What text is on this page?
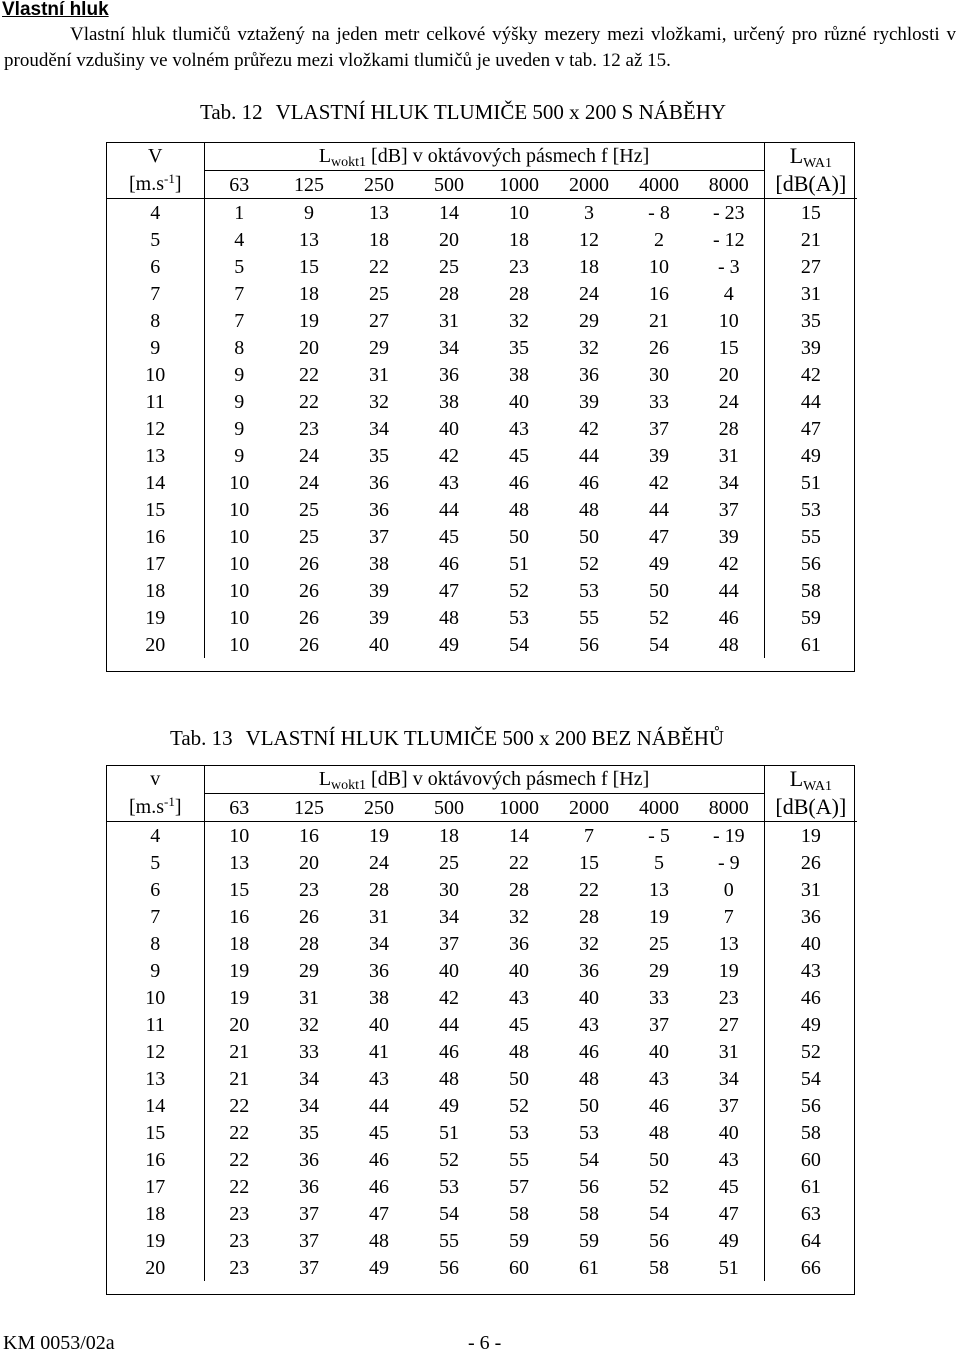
Vlastní hluk
Vlastní hluk tlumičů vztažený na jeden metr celkové výšky mezery mezi vložkami, určený pro různé rychlosti v proudění vzdušiny ve volném průřezu mezi vložkami tlumičů je uveden v tab. 12 až 15.
Tab. 12 VLASTNÍ HLUK TLUMIČE 500 x 200 S NÁBĚHY
V	$L_{wokt1}$ [dB] v oktávových pásmech f [Hz]								$L_{WA1}$
$[m.s^{-1}]$	63	125	250	500	1000	2000	4000	8000	[dB(A)]
4	1	9	13	14	10	3	- 8	- 23	15
5	4	13	18	20	18	12	2	- 12	21
6	5	15	22	25	23	18	10	- 3	27
7	7	18	25	28	28	24	16	4	31
8	7	19	27	31	32	29	21	10	35
9	8	20	29	34	35	32	26	15	39
10	9	22	31	36	38	36	30	20	42
11	9	22	32	38	40	39	33	24	44
12	9	23	34	40	43	42	37	28	47
13	9	24	35	42	45	44	39	31	49
14	10	24	36	43	46	46	42	34	51
15	10	25	36	44	48	48	44	37	53
16	10	25	37	45	50	50	47	39	55
17	10	26	38	46	51	52	49	42	56
18	10	26	39	47	52	53	50	44	58
19	10	26	39	48	53	55	52	46	59
20	10	26	40	49	54	56	54	48	61
Tab. 13 VLASTNÍ HLUK TLUMIČE 500 x 200 BEZ NÁBĚHŮ
v	$L_{wokt1}$ [dB] v oktávových pásmech f [Hz]								$L_{WA1}$
$[m.s^{-1}]$	63	125	250	500	1000	2000	4000	8000	[dB(A)]
4	10	16	19	18	14	7	- 5	- 19	19
5	13	20	24	25	22	15	5	- 9	26
6	15	23	28	30	28	22	13	0	31
7	16	26	31	34	32	28	19	7	36
8	18	28	34	37	36	32	25	13	40
9	19	29	36	40	40	36	29	19	43
10	19	31	38	42	43	40	33	23	46
11	20	32	40	44	45	43	37	27	49
12	21	33	41	46	48	46	40	31	52
13	21	34	43	48	50	48	43	34	54
14	22	34	44	49	52	50	46	37	56
15	22	35	45	51	53	53	48	40	58
16	22	36	46	52	55	54	50	43	60
17	22	36	46	53	57	56	52	45	61
18	23	37	47	54	58	58	54	47	63
19	23	37	48	55	59	59	56	49	64
20	23	37	49	56	60	61	58	51	66
KM 0053/02a	- 6 -
